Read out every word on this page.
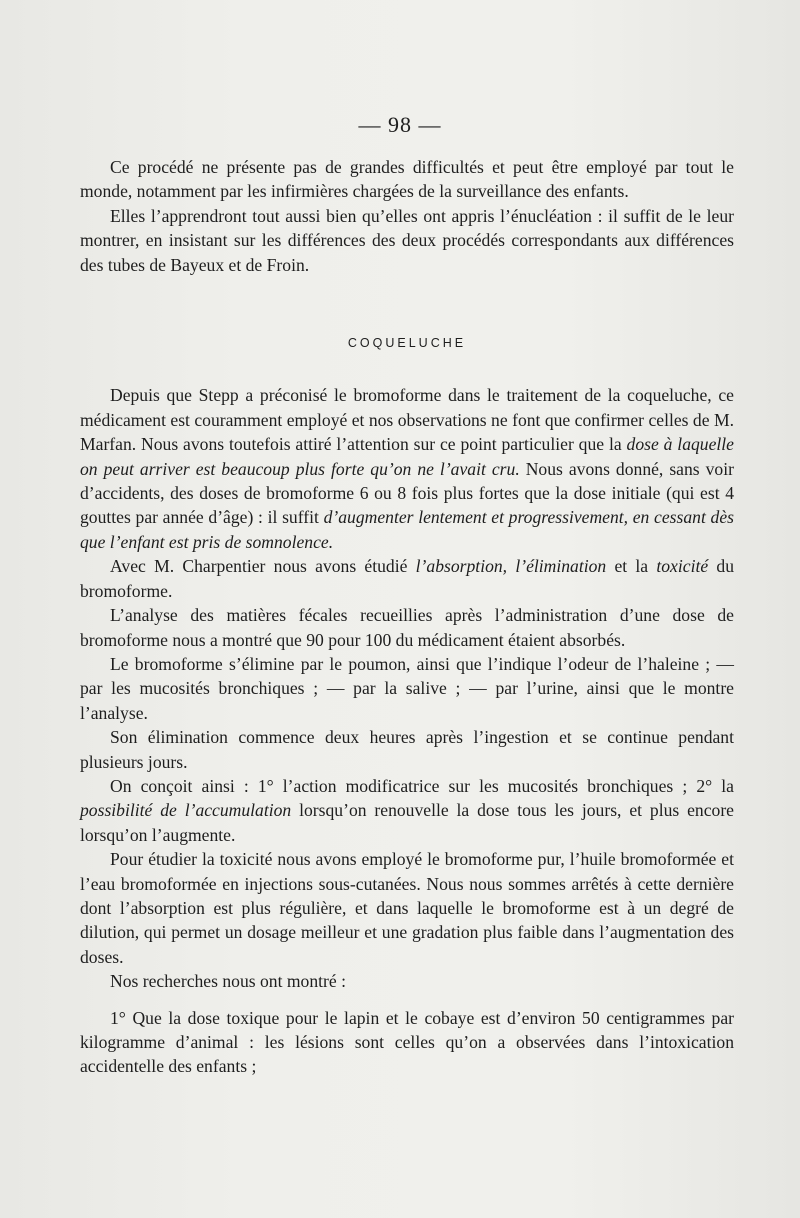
— 98 —

Ce procédé ne présente pas de grandes difficultés et peut être employé par tout le monde, notamment par les infirmières chargées de la surveillance des enfants.

Elles l’apprendront tout aussi bien qu’elles ont appris l’énucléation : il suffit de le leur montrer, en insistant sur les différences des deux procédés correspondants aux différences des tubes de Bayeux et de Froin.

COQUELUCHE

Depuis que Stepp a préconisé le bromoforme dans le traitement de la coqueluche, ce médicament est couramment employé et nos observations ne font que confirmer celles de M. Marfan. Nous avons toutefois attiré l’attention sur ce point particulier que la dose à laquelle on peut arriver est beaucoup plus forte qu’on ne l’avait cru. Nous avons donné, sans voir d’accidents, des doses de bromoforme 6 ou 8 fois plus fortes que la dose initiale (qui est 4 gouttes par année d’âge) : il suffit d’augmenter lentement et progressivement, en cessant dès que l’enfant est pris de somnolence.

Avec M. Charpentier nous avons étudié l’absorption, l’élimination et la toxicité du bromoforme.

L’analyse des matières fécales recueillies après l’administration d’une dose de bromoforme nous a montré que 90 pour 100 du médicament étaient absorbés.

Le bromoforme s’élimine par le poumon, ainsi que l’indique l’odeur de l’haleine ; — par les mucosités bronchiques ; — par la salive ; — par l’urine, ainsi que le montre l’analyse.

Son élimination commence deux heures après l’ingestion et se continue pendant plusieurs jours.

On conçoit ainsi : 1° l’action modificatrice sur les mucosités bronchiques ; 2° la possibilité de l’accumulation lorsqu’on renouvelle la dose tous les jours, et plus encore lorsqu’on l’augmente.

Pour étudier la toxicité nous avons employé le bromoforme pur, l’huile bromoformée et l’eau bromoformée en injections sous-cutanées. Nous nous sommes arrêtés à cette dernière dont l’absorption est plus régulière, et dans laquelle le bromoforme est à un degré de dilution, qui permet un dosage meilleur et une gradation plus faible dans l’augmentation des doses.

Nos recherches nous ont montré :

1° Que la dose toxique pour le lapin et le cobaye est d’environ 50 centigrammes par kilogramme d’animal : les lésions sont celles qu’on a observées dans l’intoxication accidentelle des enfants ;
